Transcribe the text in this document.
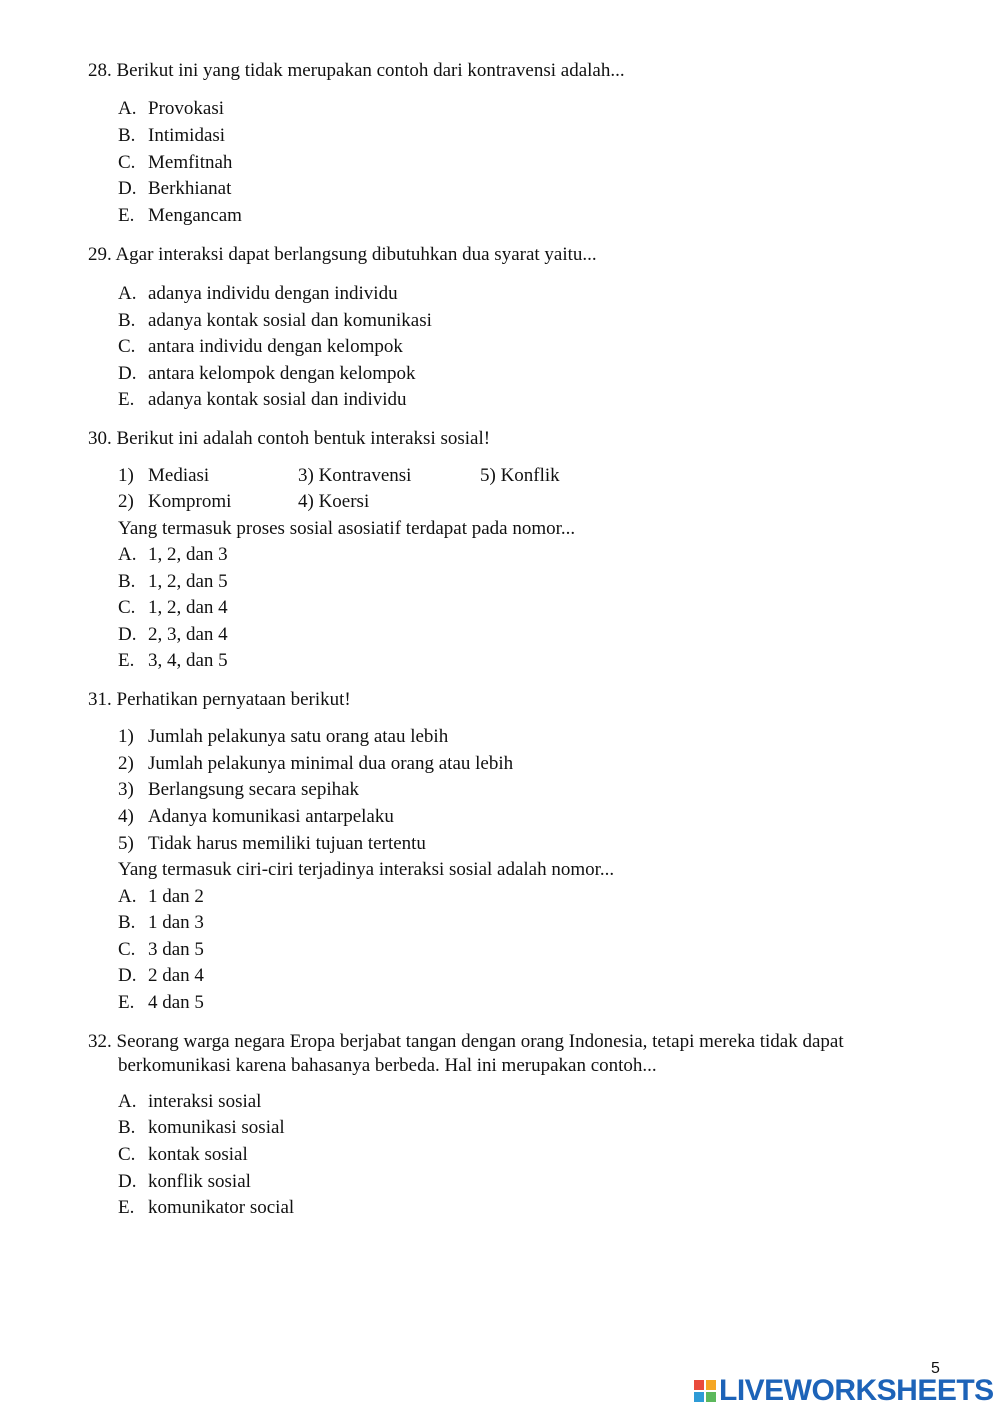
28. Berikut ini yang tidak merupakan contoh dari kontravensi adalah...
A. Provokasi
B. Intimidasi
C. Memfitnah
D. Berkhianat
E. Mengancam
29. Agar interaksi dapat berlangsung dibutuhkan dua syarat yaitu...
A. adanya individu dengan individu
B. adanya kontak sosial dan komunikasi
C. antara individu dengan kelompok
D. antara kelompok dengan kelompok
E. adanya kontak sosial dan individu
30. Berikut ini adalah contoh bentuk interaksi sosial!
1) Mediasi	3) Kontravensi	5) Konflik
2) Kompromi	4) Koersi
Yang termasuk proses sosial asosiatif terdapat pada nomor...
A. 1, 2, dan 3
B. 1, 2, dan 5
C. 1, 2, dan 4
D. 2, 3, dan 4
E. 3, 4, dan 5
31. Perhatikan pernyataan berikut!
1) Jumlah pelakunya satu orang atau lebih
2) Jumlah pelakunya minimal dua orang atau lebih
3) Berlangsung secara sepihak
4) Adanya komunikasi antarpelaku
5) Tidak harus memiliki tujuan tertentu
Yang termasuk ciri-ciri terjadinya interaksi sosial adalah nomor...
A. 1 dan 2
B. 1 dan 3
C. 3 dan 5
D. 2 dan 4
E. 4 dan 5
32. Seorang warga negara Eropa berjabat tangan dengan orang Indonesia, tetapi mereka tidak dapat
berkomunikasi karena bahasanya berbeda. Hal ini merupakan contoh...
A. interaksi sosial
B. komunikasi sosial
C. kontak sosial
D. konflik sosial
E. komunikator social
5
LIVEWORKSHEETS
